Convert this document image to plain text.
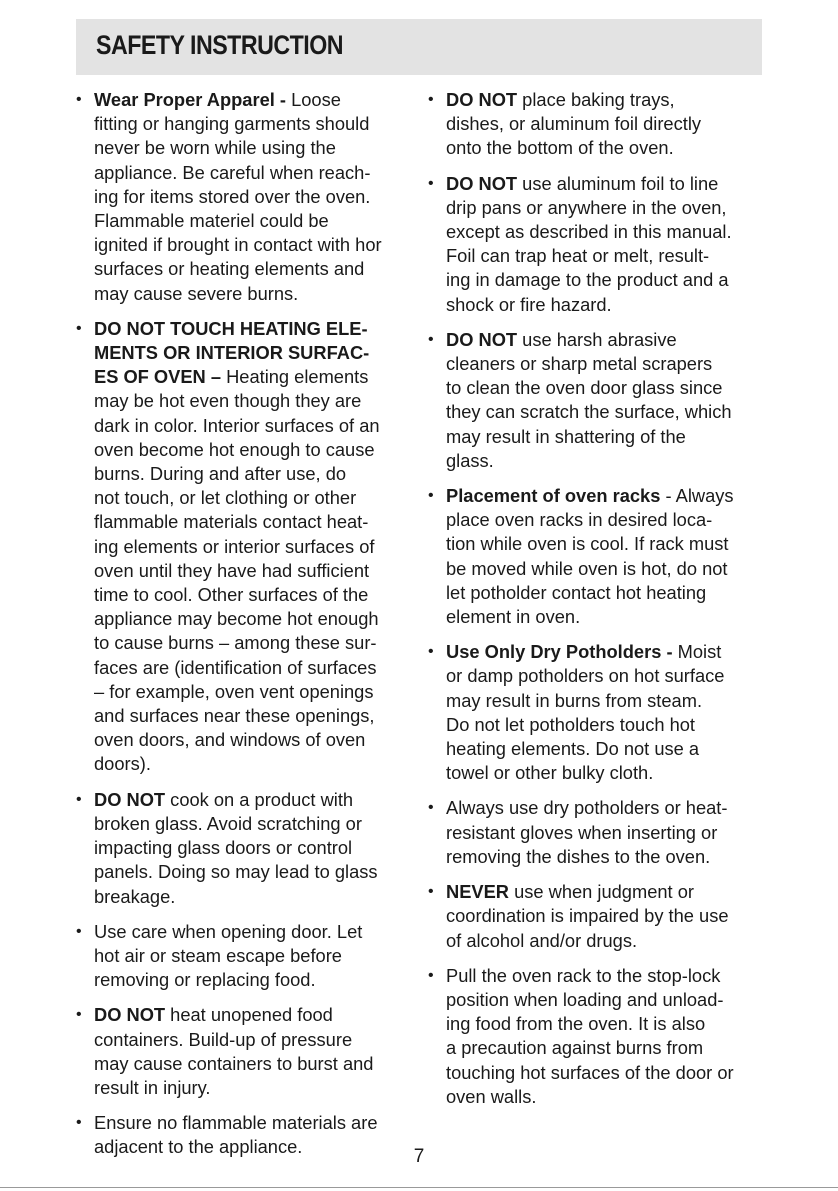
SAFETY INSTRUCTION
• Wear Proper Apparel - Loose
fitting or hanging garments should
never be worn while using the
appliance. Be careful when reach-
ing for items stored over the oven.
Flammable materiel could be
ignited if brought in contact with hor
surfaces or heating elements and
may cause severe burns.
• DO NOT TOUCH HEATING ELE-
MENTS OR INTERIOR SURFAC-
ES OF OVEN – Heating elements
may be hot even though they are
dark in color. Interior surfaces of an
oven become hot enough to cause
burns. During and after use, do
not touch, or let clothing or other
flammable materials contact heat-
ing elements or interior surfaces of
oven until they have had sufficient
time to cool. Other surfaces of the
appliance may become hot enough
to cause burns – among these sur-
faces are (identification of surfaces
– for example, oven vent openings
and surfaces near these openings,
oven doors, and windows of oven
doors).
• DO NOT cook on a product with
broken glass. Avoid scratching or
impacting glass doors or control
panels. Doing so may lead to glass
breakage.
• Use care when opening door. Let
hot air or steam escape before
removing or replacing food.
• DO NOT heat unopened food
containers. Build-up of pressure
may cause containers to burst and
result in injury.
• Ensure no flammable materials are
adjacent to the appliance.
• DO NOT place baking trays,
dishes, or aluminum foil directly
onto the bottom of the oven.
• DO NOT use aluminum foil to line
drip pans or anywhere in the oven,
except as described in this manual.
Foil can trap heat or melt, result-
ing in damage to the product and a
shock or fire hazard.
• DO NOT use harsh abrasive
cleaners or sharp metal scrapers
to clean the oven door glass since
they can scratch the surface, which
may result in shattering of the
glass.
• Placement of oven racks - Always
place oven racks in desired loca-
tion while oven is cool. If rack must
be moved while oven is hot, do not
let potholder contact hot heating
element in oven.
• Use Only Dry Potholders - Moist
or damp potholders on hot surface
may result in burns from steam.
Do not let potholders touch hot
heating elements. Do not use a
towel or other bulky cloth.
• Always use dry potholders or heat-
resistant gloves when inserting or
removing the dishes to the oven.
• NEVER use when judgment or
coordination is impaired by the use
of alcohol and/or drugs.
• Pull the oven rack to the stop-lock
position when loading and unload-
ing food from the oven. It is also
a precaution against burns from
touching hot surfaces of the door or
oven walls.
7
